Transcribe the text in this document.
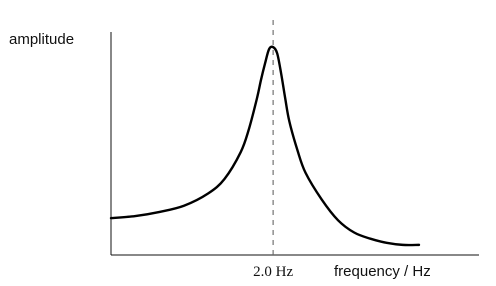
amplitude
2.0 Hz	frequency / Hz
